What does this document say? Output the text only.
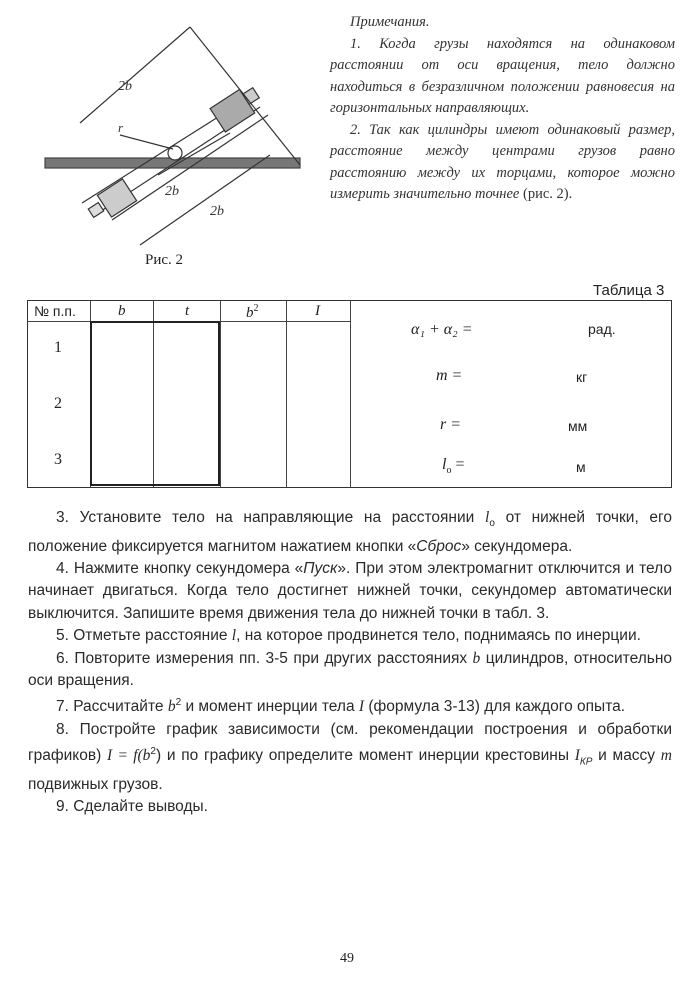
2b
r
2b
2b
Рис. 2

Примечания.

1. Когда грузы находятся на одинаковом расстоянии от оси вращения, тело должно находиться в безразличном положении равновесия на горизонтальных направляющих.

2. Так как цилиндры имеют одинаковый размер, расстояние между центрами грузов равно расстоянию между их торцами, которое можно измерить значительно точнее (рис. 2).

Таблица 3
№ п.п.	b	t	$b^2$	I
1
2
3
α₁ + α₂ =	рад.
m =	кг
r =	мм
$l_o$ =	м

3. Установите тело на направляющие на расстоянии $l_o$ от нижней точки, его положение фиксируется магнитом нажатием кнопки «Сброс» секундомера.

4. Нажмите кнопку секундомера «Пуск». При этом электромагнит отключится и тело начинает двигаться. Когда тело достигнет нижней точки, секундомер автоматически выключится. Запишите время движения тела до нижней точки в табл. 3.

5. Отметьте расстояние l, на которое продвинется тело, поднимаясь по инерции.

6. Повторите измерения пп. 3-5 при других расстояниях b цилиндров, относительно оси вращения.

7. Рассчитайте $b^2$ и момент инерции тела I (формула 3-13) для каждого опыта.

8. Постройте график зависимости (см. рекомендации построения и обработки графиков) $I = f(b^2)$ и по графику определите момент инерции крестовины $I_{КР}$ и массу m подвижных грузов.

9. Сделайте выводы.

49
